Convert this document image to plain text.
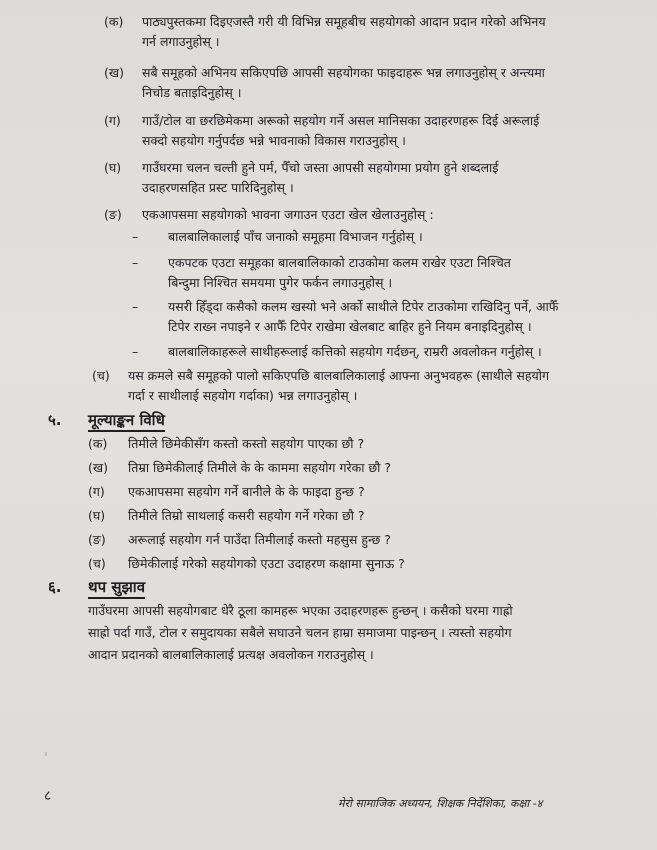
(क) पाठ्यपुस्तकमा दिइएजस्तै गरी यी विभिन्न समूहबीच सहयोगको आदान प्रदान गरेको अभिनय
गर्न लगाउनुहोस् ।
(ख) सबै समूहको अभिनय सकिएपछि आपसी सहयोगका फाइदाहरू भन्न लगाउनुहोस् र अन्त्यमा
निचोड बताइदिनुहोस् ।
(ग) गाउँ/टोल वा छरछिमेकमा अरूको सहयोग गर्ने असल मानिसका उदाहरणहरू दिई अरूलाई
सक्दो सहयोग गर्नुपर्दछ भन्ने भावनाको विकास गराउनुहोस् ।
(घ) गाउँघरमा चलन चल्ती हुने पर्म, पैँचो जस्ता आपसी सहयोगमा प्रयोग हुने शब्दलाई
उदाहरणसहित प्रस्ट पारिदिनुहोस् ।
(ङ) एकआपसमा सहयोगको भावना जगाउन एउटा खेल खेलाउनुहोस् :
– बालबालिकालाई पाँच जनाको समूहमा विभाजन गर्नुहोस् ।
– एकपटक एउटा समूहका बालबालिकाको टाउकोमा कलम राखेर एउटा निश्चित
बिन्दुमा निश्चित समयमा पुगेर फर्कन लगाउनुहोस् ।
– यसरी हिँड्दा कसैको कलम खस्यो भने अर्को साथीले टिपेर टाउकोमा राखिदिनु पर्ने, आफैँ
टिपेर राख्न नपाइने र आफैँ टिपेर राखेमा खेलबाट बाहिर हुने नियम बनाइदिनुहोस् ।
– बालबालिकाहरूले साथीहरूलाई कत्तिको सहयोग गर्दछन्, राम्ररी अवलोकन गर्नुहोस् ।
(च) यस क्रमले सबै समूहको पालो सकिएपछि बालबालिकालाई आफ्ना अनुभवहरू (साथीले सहयोग
गर्दा र साथीलाई सहयोग गर्दाका) भन्न लगाउनुहोस् ।
५. मूल्याङ्कन विधि
(क) तिमीले छिमेकीसँग कस्तो कस्तो सहयोग पाएका छौ ?
(ख) तिम्रा छिमेकीलाई तिमीले के के काममा सहयोग गरेका छौ ?
(ग) एकआपसमा सहयोग गर्ने बानीले के के फाइदा हुन्छ ?
(घ) तिमीले तिम्रो साथलाई कसरी सहयोग गर्ने गरेका छौ ?
(ङ) अरूलाई सहयोग गर्न पाउँदा तिमीलाई कस्तो महसुस हुन्छ ?
(च) छिमेकीलाई गरेको सहयोगको एउटा उदाहरण कक्षामा सुनाऊ ?
६. थप सुझाव
गाउँघरमा आपसी सहयोगबाट धेरै ठूला कामहरू भएका उदाहरणहरू हुन्छन् । कसैको घरमा गाह्रो
साह्रो पर्दा गाउँ, टोल र समुदायका सबैले सघाउने चलन हाम्रा समाजमा पाइन्छन् । त्यस्तो सहयोग
आदान प्रदानको बालबालिकालाई प्रत्यक्ष अवलोकन गराउनुहोस् ।
ˌ
८	मेरो सामाजिक अध्ययन, शिक्षक निर्देशिका, कक्षा -४
